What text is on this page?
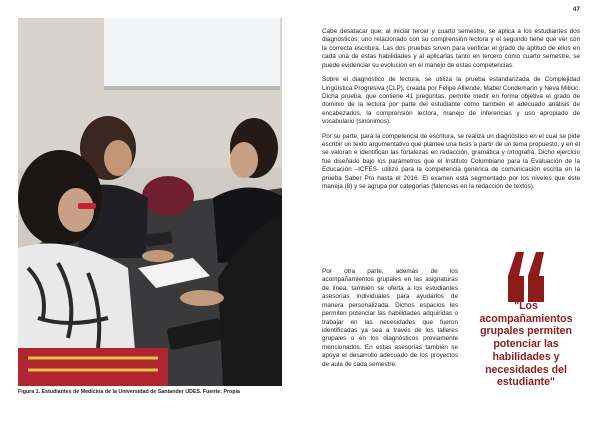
47
Figura 1. Estudiantes de Medicina de la Universidad de Santander UDES. Fuente: Propia

Cabe desatacar que, al iniciar tercer y cuarto semestre, se aplica a los estudiantes dos diagnósticos: uno relacionado con su comprensión lectora y el segundo tiene que ver con la correcta escritura. Las dos pruebas sirven para verificar el grado de aptitud de ellos en cada una de estas habilidades y al aplicarlas tanto en tercero como cuarto semestre, se puede evidenciar su evolución en el manejo de estas competencias.

Sobre el diagnóstico de lectura, se utiliza la prueba estandarizada de Complejidad Lingüística Progresiva (CLP), creada por Felipe Alliende, Mabel Condemarín y Neva Milicic. Dicha prueba, que contiene 41 preguntas, permite medir en forma objetiva el grado de dominio de la lectura por parte del estudiante como también el adecuado análisis de encabezados, la comprensión lectora, manejo de inferencias y uso apropiado de vocabulario (sinónimos).

Por su parte, para la competencia de escritura, se realiza un diagnóstico en el cual se pide escribir un texto argumentativo que plantee una tesis a partir de un tema propuesto, y en él se valoran e identifican las fortalezas en redacción, gramática y ortografía. Dicho ejercicio fue diseñado bajo los parámetros que el Instituto Colombiano para la Evaluación de la Educación –ICFES- utilizó para la competencia genérica de comunicación escrita en la prueba Saber Pro hasta el 2016. El examen está segmentado por los niveles que éste maneja (8) y se agrupa por categorías (falencias en la redacción de textos).

Por otra parte, además de los acompañamientos grupales en las asignaturas de línea, también se oferta a los estudiantes asesorías individuales para ayudarlos de manera personalizada. Dichos espacios les permiten potenciar las habilidades adquiridas o trabajar en las necesidades que fueron identificadas ya sea a través de los talleres grupales o en los diagnósticos previamente mencionados. En estas asesorías también se apoya el desarrollo adecuado de los proyectos de aula de cada semestre.

"Los acompañamientos grupales permiten potenciar las habilidades y necesidades del estudiante"
